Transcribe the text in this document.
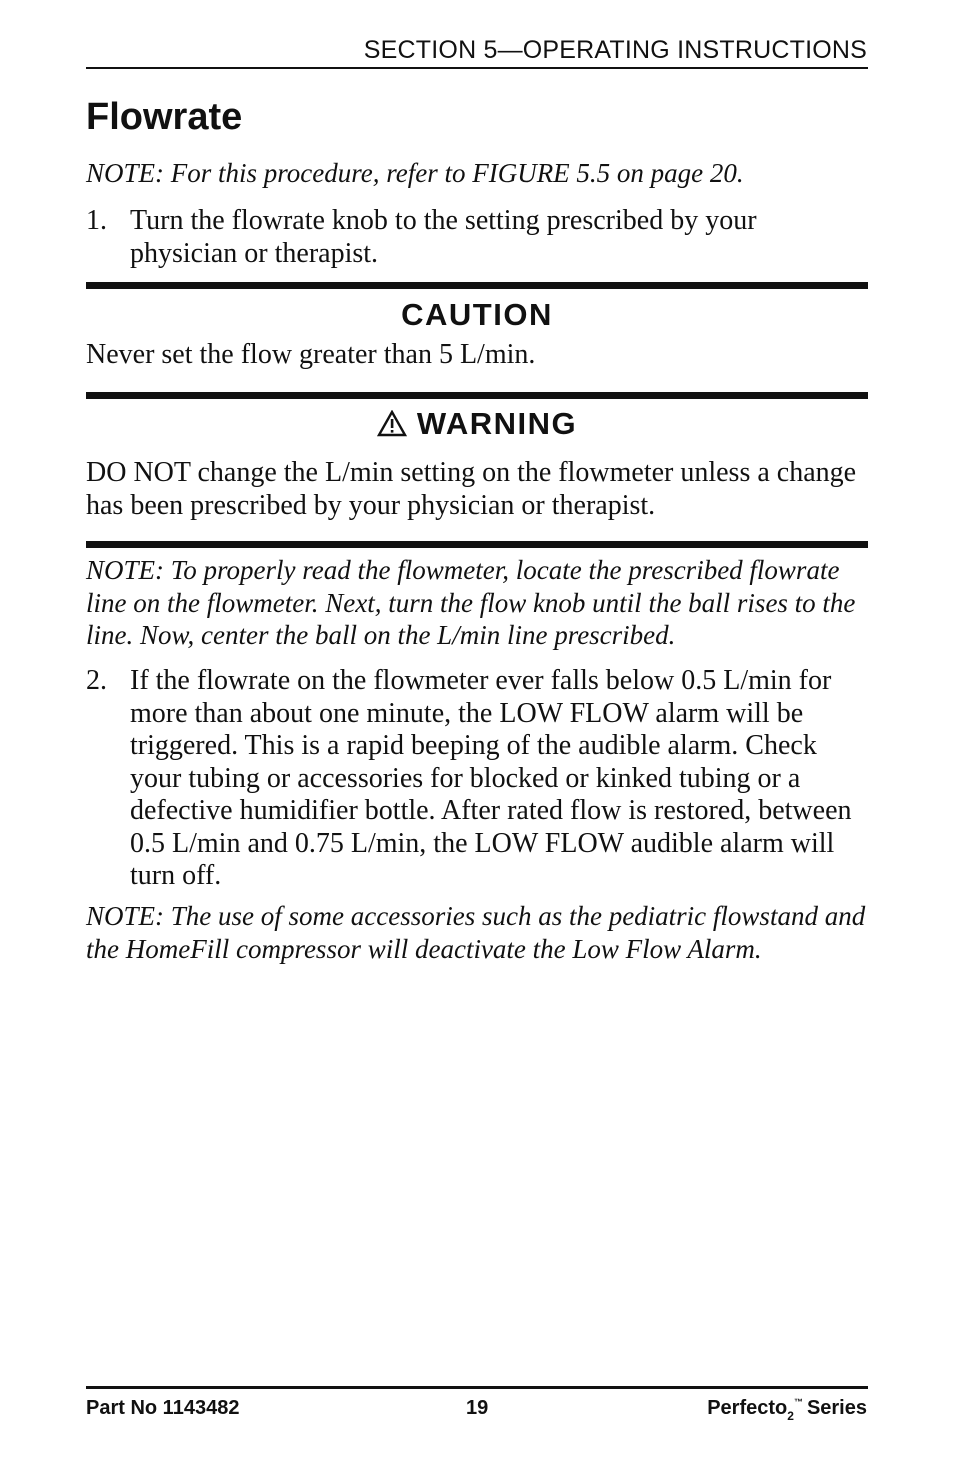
SECTION 5—OPERATING INSTRUCTIONS
Flowrate

NOTE: For this procedure, refer to FIGURE 5.5 on page 20.

1. Turn the flowrate knob to the setting prescribed by your physician or therapist.
CAUTION

Never set the flow greater than 5 L/min.

WARNING

DO NOT change the L/min setting on the flowmeter unless a change has been prescribed by your physician or therapist.

NOTE: To properly read the flowmeter, locate the prescribed flowrate line on the flowmeter. Next, turn the flow knob until the ball rises to the line. Now, center the ball on the L/min line prescribed.

2. If the flowrate on the flowmeter ever falls below 0.5 L/min for more than about one minute, the LOW FLOW alarm will be triggered. This is a rapid beeping of the audible alarm. Check your tubing or accessories for blocked or kinked tubing or a defective humidifier bottle. After rated flow is restored, between 0.5 L/min and 0.75 L/min, the LOW FLOW audible alarm will turn off.

NOTE: The use of some accessories such as the pediatric flowstand and the HomeFill compressor will deactivate the Low Flow Alarm.

Part No 1143482	19	Perfecto$_2$™ Series
